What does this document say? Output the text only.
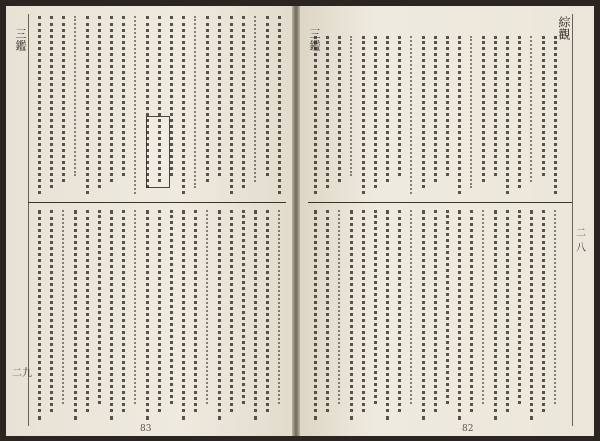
三鑑
二九
83
三鑑	綜觀
二八
82
